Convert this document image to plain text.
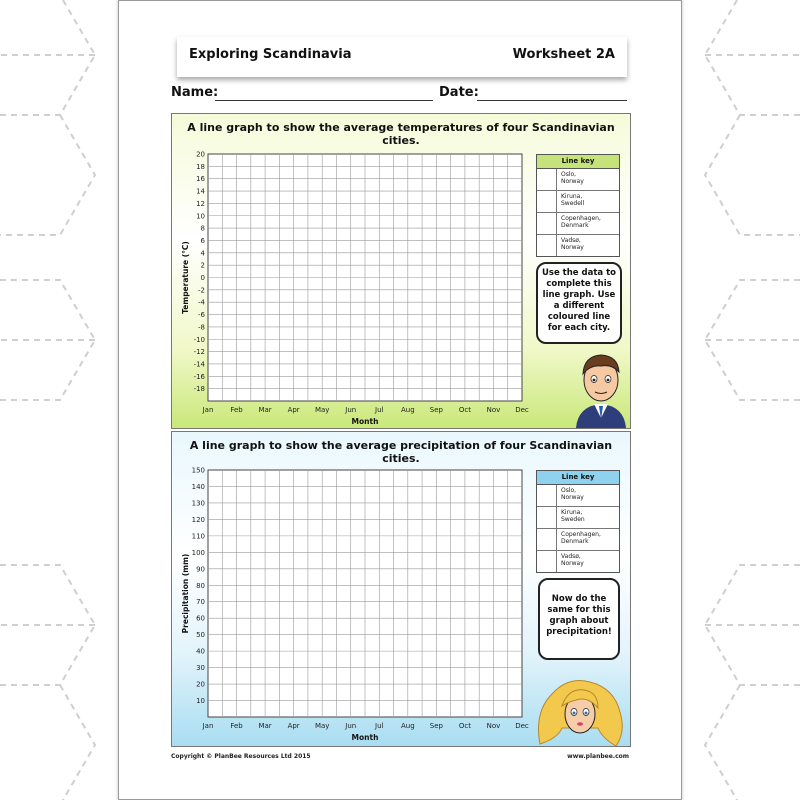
Exploring Scandinavia	Worksheet 2A
Name:	Date:
A line graph to show the average temperatures of four Scandinavian cities.
20
18
16
14
12
10
8
6
4
2
0
-2
-4
-6
-8
-10
-12
-14
-16
-18
Jan Feb Mar Apr May Jun	Jul Aug Sep Oct Nov Dec
Month
Temperature (°C)
Line key
Oslo,
Norway
Kiruna,
Swedell
Copenhagen,
Denmark
Vadsø,
Norway
Use the data to complete this line graph. Use a different coloured line for each city.
A line graph to show the average precipitation of four Scandinavian cities.
150
140
130
120
110
100
90
80
70
60
50
40
30
20
10
Jan Feb Mar Apr May Jun	Jul Aug Sep Oct Nov Dec
Month
Precipitation (mm)
Line key
Oslo,
Norway
Kiruna,
Sweden
Copenhagen,
Denmark
Vadsø,
Norway
Now do the same for this graph about precipitation!
Copyright © PlanBee Resources Ltd 2015	www.planbee.com
